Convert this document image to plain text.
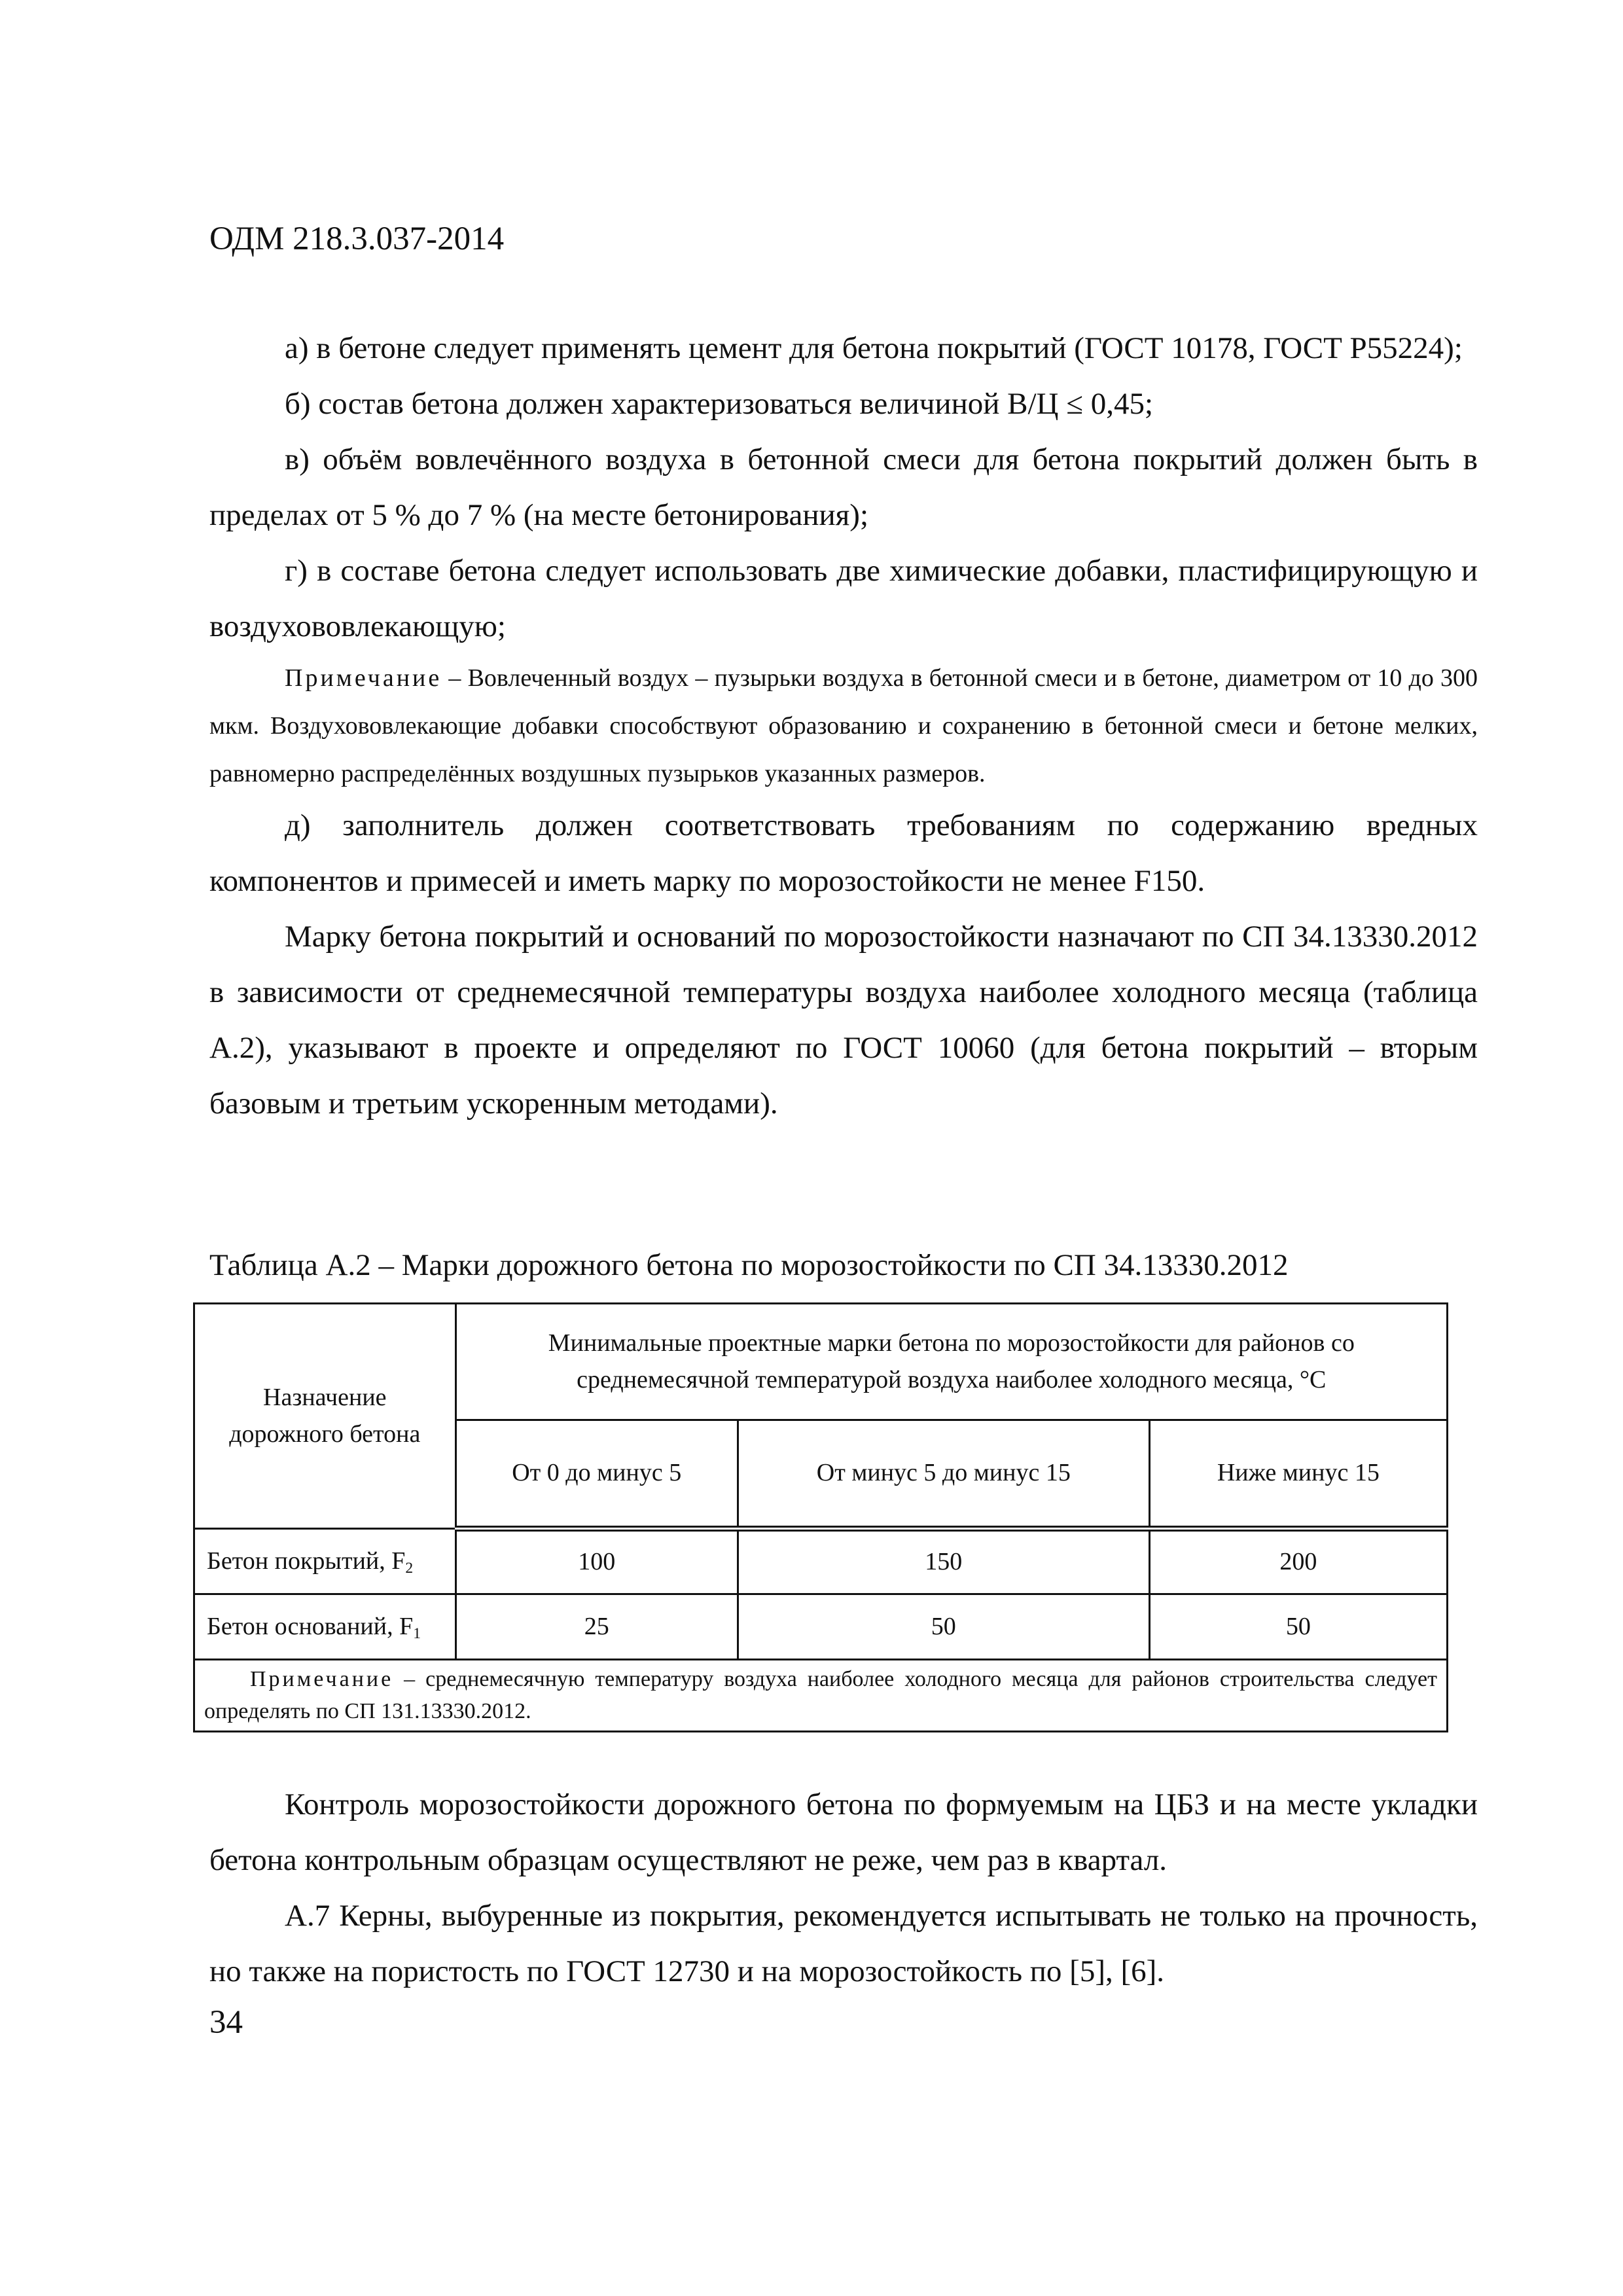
ОДМ 218.3.037-2014

а) в бетоне следует применять цемент для бетона покрытий (ГОСТ 10178, ГОСТ Р55224);

б) состав бетона должен характеризоваться величиной В/Ц ≤ 0,45;

в) объём вовлечённого воздуха в бетонной смеси для бетона покрытий должен быть в пределах от 5 % до 7 % (на месте бетонирования);

г) в составе бетона следует использовать две химические добавки, пластифицирующую и воздухововлекающую;

Примечание – Вовлеченный воздух – пузырьки воздуха в бетонной смеси и в бетоне, диаметром от 10 до 300 мкм. Воздухововлекающие добавки способствуют образованию и сохранению в бетонной смеси и бетоне мелких, равномерно распределённых воздушных пузырьков указанных размеров.

д) заполнитель должен соответствовать требованиям по содержанию вредных компонентов и примесей и иметь марку по морозостойкости не менее F150.

Марку бетона покрытий и оснований по морозостойкости назначают по СП 34.13330.2012 в зависимости от среднемесячной температуры воздуха наиболее холодного месяца (таблица А.2), указывают в проекте и определяют по ГОСТ 10060 (для бетона покрытий – вторым базовым и третьим ускоренным методами).

Таблица А.2 – Марки дорожного бетона по морозостойкости по СП 34.13330.2012
Назначение дорожного бетона	Минимальные проектные марки бетона по морозостойкости для районов со среднемесячной температурой воздуха наиболее холодного месяца, °С		
	От 0 до минус 5	От минус 5 до минус 15	Ниже минус 15
Бетон покрытий, $F_2$	100	150	200
Бетон оснований, $F_1$	25	50	50
Примечание – среднемесячную температуру воздуха наиболее холодного месяца для районов строительства следует определять по СП 131.13330.2012.			

Контроль морозостойкости дорожного бетона по формуемым на ЦБЗ и на месте укладки бетона контрольным образцам осуществляют не реже, чем раз в квартал.

А.7 Керны, выбуренные из покрытия, рекомендуется испытывать не только на прочность, но также на пористость по ГОСТ 12730 и на морозостойкость по [5], [6].

34
